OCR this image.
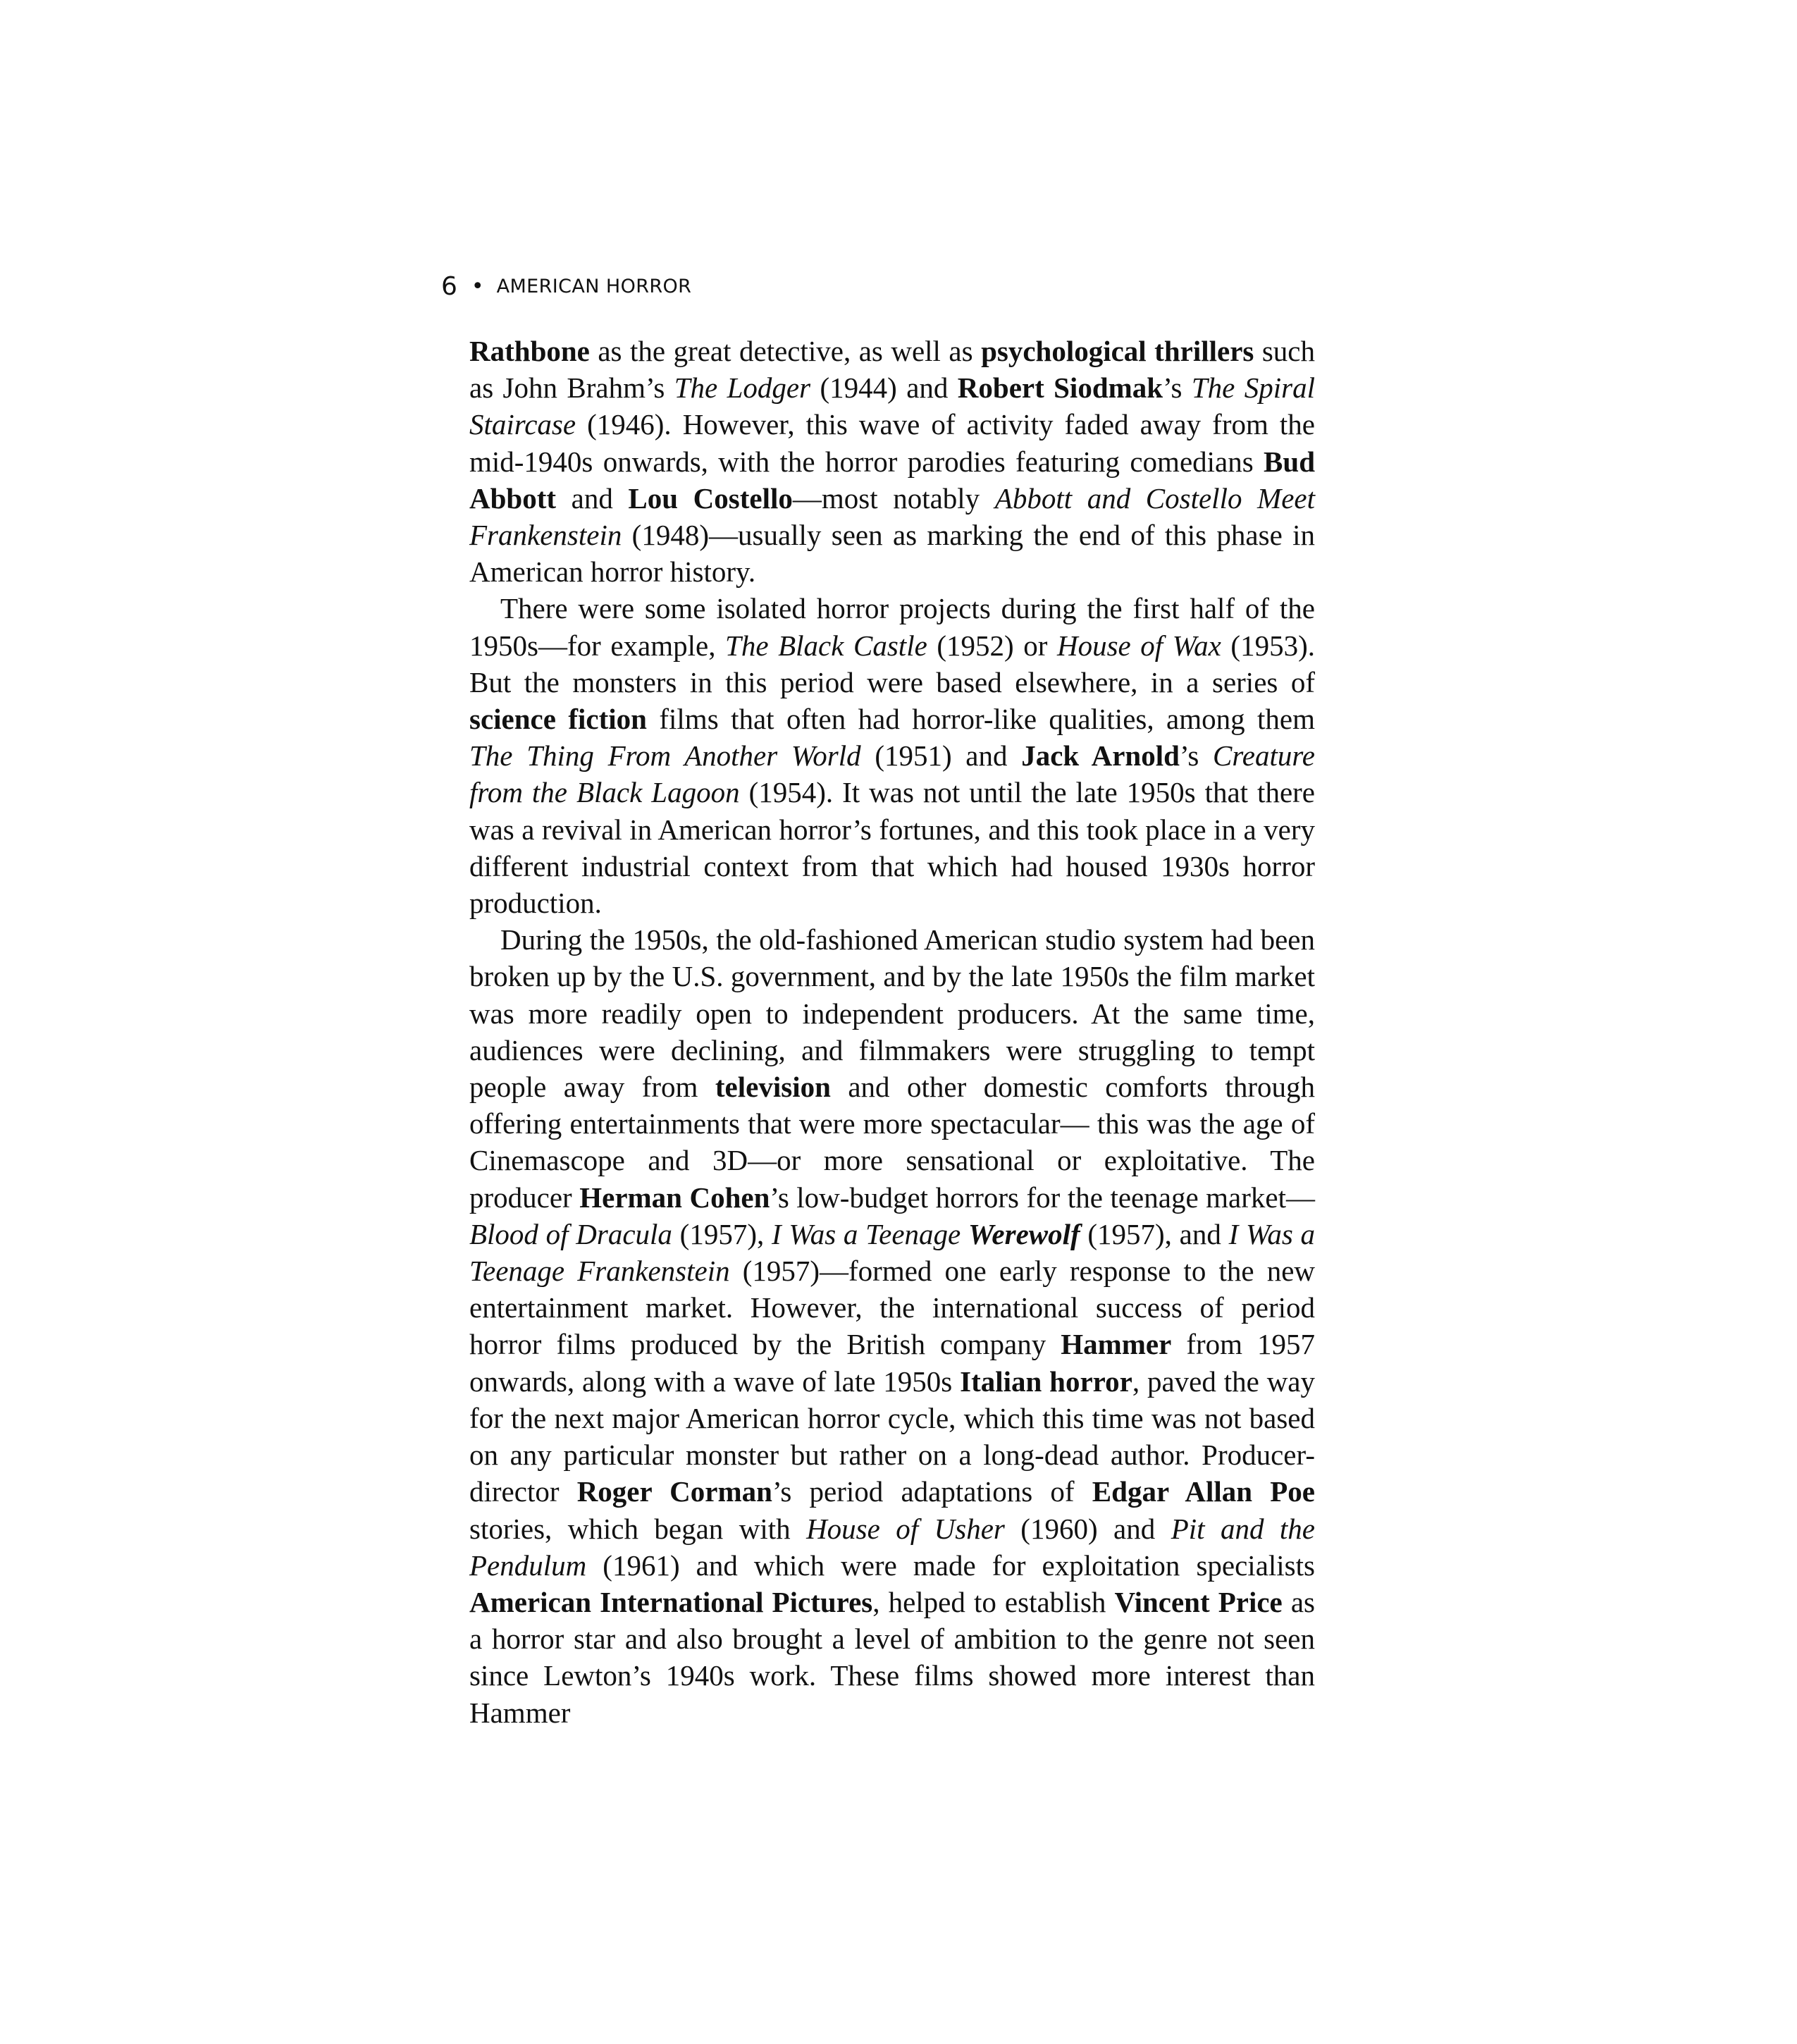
6 • AMERICAN HORROR

Rathbone as the great detective, as well as psychological thrillers such as John Brahm’s The Lodger (1944) and Robert Siodmak’s The Spiral Staircase (1946). However, this wave of activity faded away from the mid-1940s onwards, with the horror parodies featuring comedians Bud Abbott and Lou Costello—most notably Abbott and Costello Meet Frankenstein (1948)—usually seen as marking the end of this phase in American horror history.

There were some isolated horror projects during the first half of the 1950s—for example, The Black Castle (1952) or House of Wax (1953). But the monsters in this period were based elsewhere, in a series of science fiction films that often had horror-like qualities, among them The Thing From Another World (1951) and Jack Arnold’s Creature from the Black Lagoon (1954). It was not until the late 1950s that there was a revival in American horror’s fortunes, and this took place in a very different industrial context from that which had housed 1930s horror production.

During the 1950s, the old-fashioned American studio system had been broken up by the U.S. government, and by the late 1950s the film market was more readily open to independent producers. At the same time, audiences were declining, and filmmakers were struggling to tempt people away from television and other domestic comforts through offering entertainments that were more spectacular— this was the age of Cinemascope and 3D—or more sensational or exploitative. The producer Herman Cohen’s low-budget horrors for the teenage market—Blood of Dracula (1957), I Was a Teenage Werewolf (1957), and I Was a Teenage Frankenstein (1957)—formed one early response to the new entertainment market. However, the international success of period horror films produced by the British company Hammer from 1957 onwards, along with a wave of late 1950s Italian horror, paved the way for the next major American horror cycle, which this time was not based on any particular monster but rather on a long-dead author. Producer-director Roger Corman’s period adaptations of Edgar Allan Poe stories, which began with House of Usher (1960) and Pit and the Pendulum (1961) and which were made for exploitation specialists American International Pictures, helped to establish Vincent Price as a horror star and also brought a level of ambition to the genre not seen since Lewton’s 1940s work. These films showed more interest than Hammer
